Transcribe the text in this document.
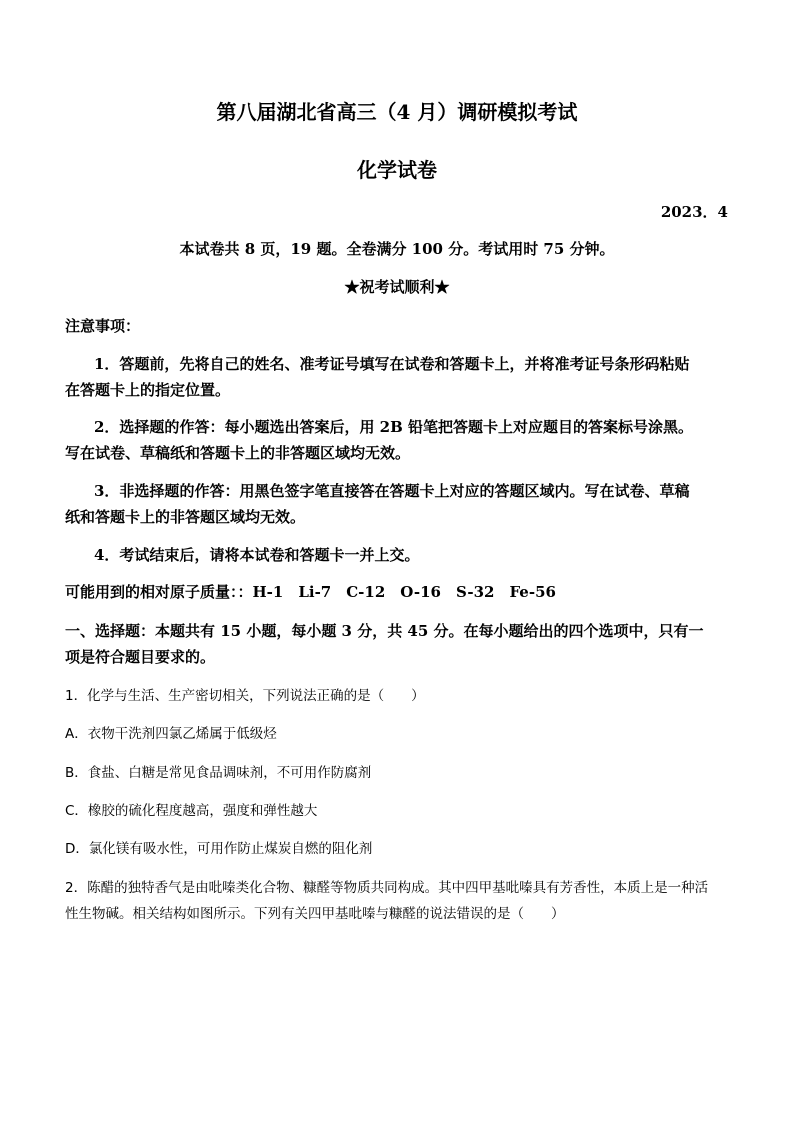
第八届湖北省高三（4 月）调研模拟考试
化学试卷
2023．4
本试卷共 8 页，19 题。全卷满分 100 分。考试用时 75 分钟。
★祝考试顺利★
注意事项：
1．答题前，先将自己的姓名、准考证号填写在试卷和答题卡上，并将准考证号条形码粘贴
在答题卡上的指定位置。
2．选择题的作答：每小题选出答案后，用 2B 铅笔把答题卡上对应题目的答案标号涂黑。
写在试卷、草稿纸和答题卡上的非答题区域均无效。
3．非选择题的作答：用黑色签字笔直接答在答题卡上对应的答题区域内。写在试卷、草稿
纸和答题卡上的非答题区域均无效。
4．考试结束后，请将本试卷和答题卡一并上交。
可能用到的相对原子质量：：H-1　Li-7　C-12　O-16　S-32　Fe-56
一、选择题：本题共有 15 小题，每小题 3 分，共 45 分。在每小题给出的四个选项中，只有一
项是符合题目要求的。
1．化学与生活、生产密切相关，下列说法正确的是（　　）
A．衣物干洗剂四氯乙烯属于低级烃
B．食盐、白糖是常见食品调味剂，不可用作防腐剂
C．橡胶的硫化程度越高，强度和弹性越大
D．氯化镁有吸水性，可用作防止煤炭自燃的阻化剂
2．陈醋的独特香气是由吡嗪类化合物、糠醛等物质共同构成。其中四甲基吡嗪具有芳香性，本质上是一种活
性生物碱。相关结构如图所示。下列有关四甲基吡嗪与糠醛的说法错误的是（　　）
